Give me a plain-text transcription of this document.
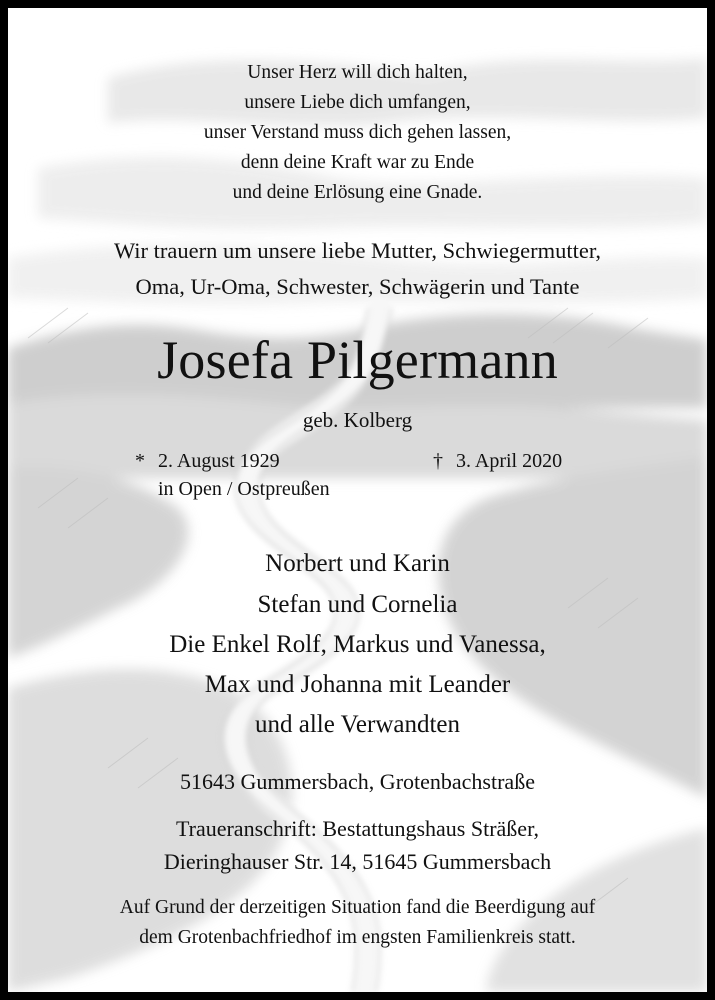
Unser Herz will dich halten,
unsere Liebe dich umfangen,
unser Verstand muss dich gehen lassen,
denn deine Kraft war zu Ende
und deine Erlösung eine Gnade.
Wir trauern um unsere liebe Mutter, Schwiegermutter,
Oma, Ur-Oma, Schwester, Schwägerin und Tante
Josefa Pilgermann
geb. Kolberg
* 2. August 1929
in Open / Ostpreußen
† 3. April 2020
Norbert und Karin
Stefan und Cornelia
Die Enkel Rolf, Markus und Vanessa,
Max und Johanna mit Leander
und alle Verwandten
51643 Gummersbach, Grotenbachstraße
Traueranschrift: Bestattungshaus Sträßer,
Dieringhauser Str. 14, 51645 Gummersbach
Auf Grund der derzeitigen Situation fand die Beerdigung auf
dem Grotenbachfriedhof im engsten Familienkreis statt.
